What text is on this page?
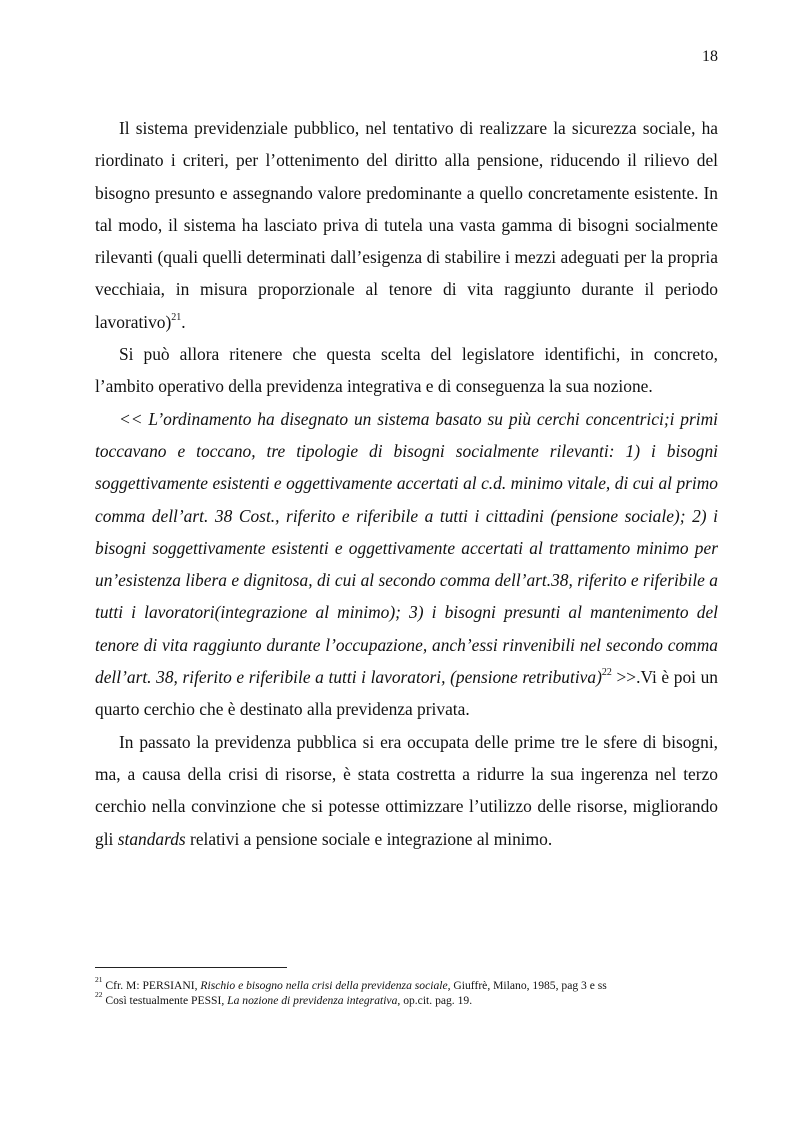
18

Il sistema previdenziale pubblico, nel tentativo di realizzare la sicurezza sociale, ha riordinato i criteri, per l’ottenimento del diritto alla pensione, riducendo il rilievo del bisogno presunto e assegnando valore predominante a quello concretamente esistente. In tal modo, il sistema ha lasciato priva di tutela una vasta gamma di bisogni socialmente rilevanti (quali quelli determinati dall’esigenza di stabilire i mezzi adeguati per la propria vecchiaia, in misura proporzionale al tenore di vita raggiunto durante il periodo lavorativo)$^{21}$.

Si può allora ritenere che questa scelta del legislatore identifichi, in concreto, l’ambito operativo della previdenza integrativa e di conseguenza la sua nozione.

<< L’ordinamento ha disegnato un sistema basato su più cerchi concentrici;i primi toccavano e toccano, tre tipologie di bisogni socialmente rilevanti: 1) i bisogni soggettivamente esistenti e oggettivamente accertati al c.d. minimo vitale, di cui al primo comma dell’art. 38 Cost., riferito e riferibile a tutti i cittadini (pensione sociale); 2) i bisogni soggettivamente esistenti e oggettivamente accertati al trattamento minimo per un’esistenza libera e dignitosa, di cui al secondo comma dell’art.38, riferito e riferibile a tutti i lavoratori(integrazione al minimo); 3) i bisogni presunti al mantenimento del tenore di vita raggiunto durante l’occupazione, anch’essi rinvenibili nel secondo comma dell’art. 38, riferito e riferibile a tutti i lavoratori, (pensione retributiva)$^{22}$ >>.Vi è poi un quarto cerchio che è destinato alla previdenza privata.

In passato la previdenza pubblica si era occupata delle prime tre le sfere di bisogni, ma, a causa della crisi di risorse, è stata costretta a ridurre la sua ingerenza nel terzo cerchio nella convinzione che si potesse ottimizzare l’utilizzo delle risorse, migliorando gli standards relativi a pensione sociale e integrazione al minimo.

$^{21}$ Cfr. M: PERSIANI, Rischio e bisogno nella crisi della previdenza sociale, Giuffrè, Milano, 1985, pag 3 e ss

$^{22}$ Così testualmente PESSI, La nozione di previdenza integrativa, op.cit. pag. 19.
